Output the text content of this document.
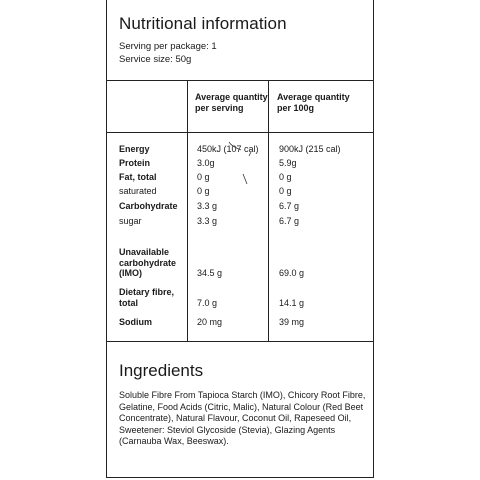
Nutritional information
Serving per package: 1
Service size: 50g
Average quantity per serving
Average quantity per 100g
Energy
Protein
Fat, total
saturated
Carbohydrate
sugar
Unavailable carbohydrate (IMO)
Dietary fibre, total
Sodium
450kJ (107 cal)
3.0g
0 g
0 g
3.3 g
3.3 g
34.5 g
7.0 g
20 mg
900kJ (215 cal)
5.9g
0 g
0 g
6.7 g
6.7 g
69.0 g
14.1 g
39 mg
Ingredients
Soluble Fibre From Tapioca Starch (IMO), Chicory Root Fibre, Gelatine, Food Acids (Citric, Malic), Natural Colour (Red Beet Concentrate), Natural Flavour, Coconut Oil, Rapeseed Oil, Sweetener: Steviol Glycoside (Stevia), Glazing Agents (Carnauba Wax, Beeswax).
